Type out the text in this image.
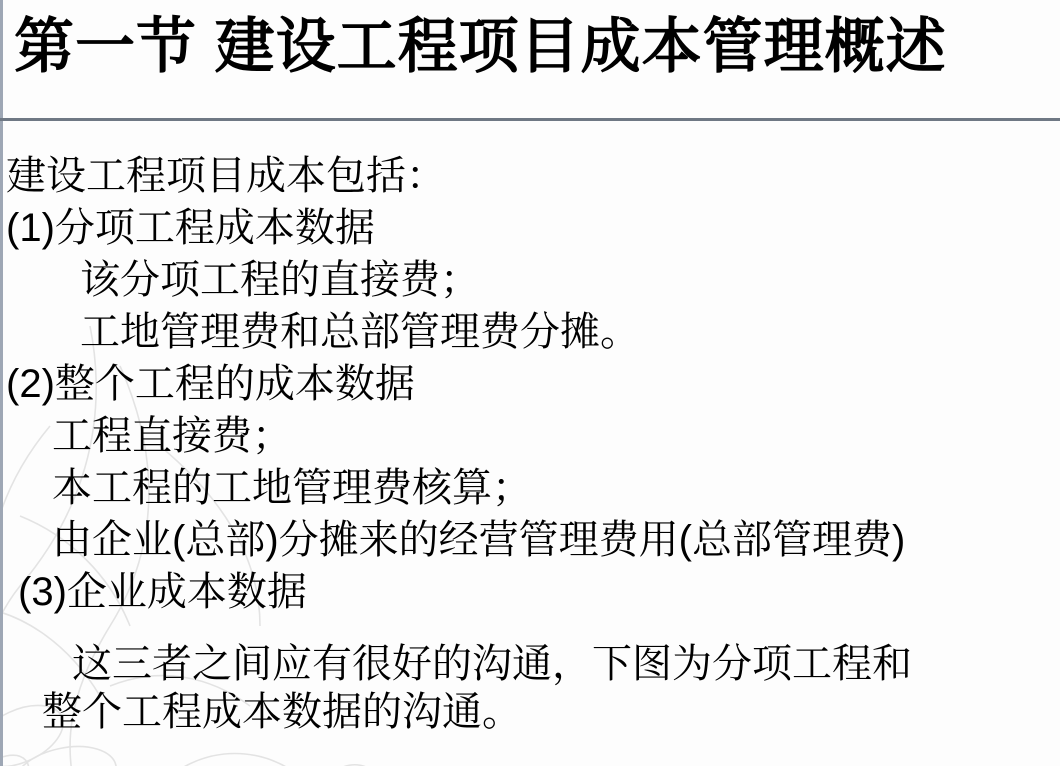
第一节 建设工程项目成本管理概述
建设工程项目成本包括：
(1)分项工程成本数据
该分项工程的直接费；
工地管理费和总部管理费分摊。
(2)整个工程的成本数据
工程直接费；
本工程的工地管理费核算；
由企业(总部)分摊来的经营管理费用(总部管理费)
(3)企业成本数据
这三者之间应有很好的沟通，下图为分项工程和
整个工程成本数据的沟通。
